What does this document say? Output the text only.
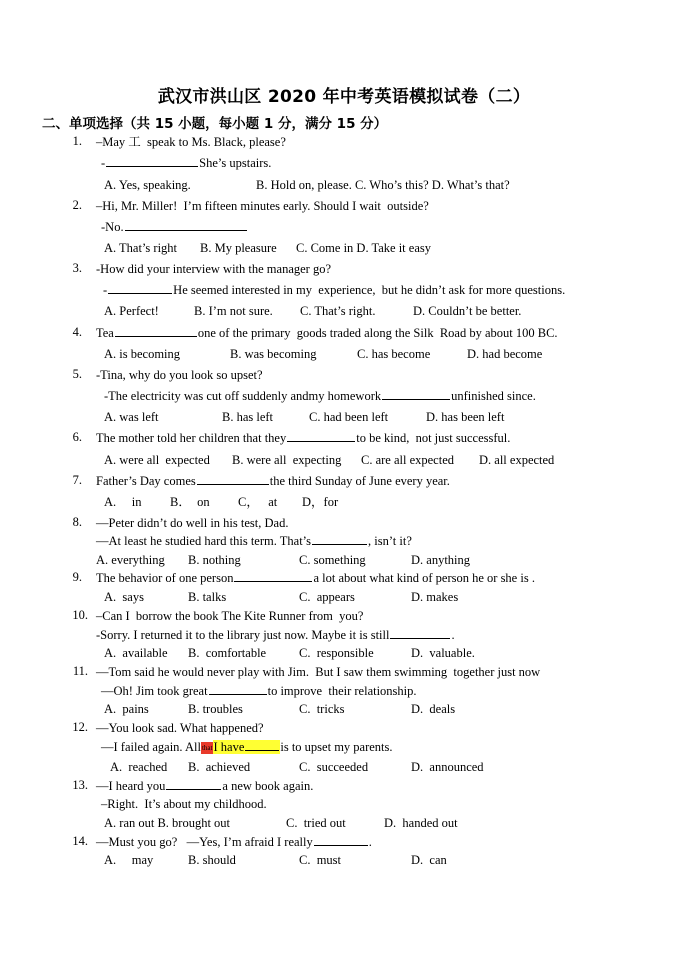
武汉市洪山区 2020 年中考英语模拟试卷（二）
二、单项选择（共 15 小题，每小题 1 分，满分 15 分）
1. –May 工  speak to Ms. Black, please?
-	She’s upstairs.
A. Yes, speaking.	B. Hold on, please. C. Who’s this? D. What’s that?
2. –Hi, Mr. Miller!  I’m fifteen minutes early. Should I wait  outside?
-No.
A. That’s right B. My pleasure C. Come in D. Take it easy
3. -How did your interview with the manager go?
-	He seemed interested in my  experience,  but he didn’t ask for more questions.
A. Perfect!	B. I’m not sure. C. That’s right.	D. Couldn’t be better.
4. Tea	one of the primary  goods traded along the Silk  Road by about 100 BC.
A. is becoming	B. was becoming	C. has become	D. had become
5. -Tina, why do you look so upset?
-The electricity was cut off suddenly andmy homework	unfinished since.
A. was left	B. has left	C. had been left	D. has been left
6. The mother told her children that they	to be kind,  not just successful.
A. were all  expected B. were all  expecting C. are all expected D. all expected
7. Father’s Day comes	the third Sunday of June every year.
A.     in B．  on C，   at D，for
8. —Peter didn’t do well in his test, Dad.
—At least he studied hard this term. That’s	, isn’t it?
A. everything B. nothing	C. something	D. anything
9. The behavior of one person	a lot about what kind of person he or she is .
A.  says	B. talks	C.  appears	D. makes
10. –Can I  borrow the book The Kite Runner from  you?
-Sorry. I returned it to the library just now. Maybe it is still	.
A.  available B.  comfortable	C.  responsible	D.  valuable.
11. —Tom said he would never play with Jim.  But I saw them swimming  together just now
—Oh! Jim took great	to improve  their relationship.
A.  pains	B. troubles	C.  tricks	D.  deals
12. —You look sad. What happened?
—I failed again. AllthatI have	is to upset my parents.
A.  reached B.  achieved	C.  succeeded	D.  announced
13. —I heard you	a new book again.
–Right.  It’s about my childhood.
A. ran out B. brought out	C.  tried out	D.  handed out
14. —Must you go?   —Yes, I’m afraid I really	.
A.     may	B. should	C.  must	D.  can
